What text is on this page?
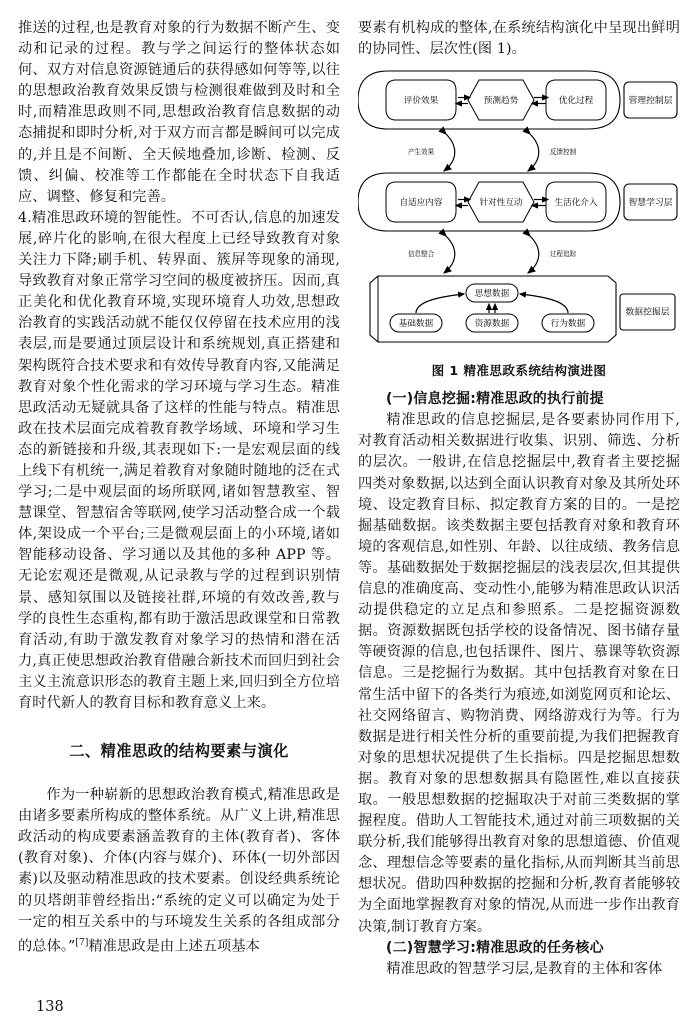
推送的过程,也是教育对象的行为数据不断产生、变动和记录的过程。教与学之间运行的整体状态如何、双方对信息资源链通后的获得感如何等等,以往的思想政治教育效果反馈与检测很难做到及时和全时,而精准思政则不同,思想政治教育信息数据的动态捕捉和即时分析,对于双方而言都是瞬间可以完成的,并且是不间断、全天候地叠加,诊断、检测、反馈、纠偏、校准等工作都能在全时状态下自我适应、调整、修复和完善。

4.精准思政环境的智能性。不可否认,信息的加速发展,碎片化的影响,在很大程度上已经导致教育对象关注力下降;刷手机、转界面、簇屏等现象的涌现,导致教育对象正常学习空间的极度被挤压。因而,真正美化和优化教育环境,实现环境育人功效,思想政治教育的实践活动就不能仅仅停留在技术应用的浅表层,而是要通过顶层设计和系统规划,真正搭建和架构既符合技术要求和有效传导教育内容,又能满足教育对象个性化需求的学习环境与学习生态。精准思政活动无疑就具备了这样的性能与特点。精准思政在技术层面完成着教育教学场域、环境和学习生态的新链接和升级,其表现如下:一是宏观层面的线上线下有机统一,满足着教育对象随时随地的泛在式学习;二是中观层面的场所联网,诸如智慧教室、智慧课堂、智慧宿舍等联网,使学习活动整合成一个载体,架设成一个平台;三是微观层面上的小环境,诸如智能移动设备、学习通以及其他的多种 APP 等。无论宏观还是微观,从记录教与学的过程到识别情景、感知氛围以及链接社群,环境的有效改善,教与学的良性生态重构,都有助于激活思政课堂和日常教育活动,有助于激发教育对象学习的热情和潜在活力,真正使思想政治教育借融合新技术而回归到社会主义主流意识形态的教育主题上来,回归到全方位培育时代新人的教育目标和教育意义上来。

二、精准思政的结构要素与演化

作为一种崭新的思想政治教育模式,精准思政是由诸多要素所构成的整体系统。从广义上讲,精准思政活动的构成要素涵盖教育的主体(教育者)、客体(教育对象)、介体(内容与媒介)、环体(一切外部因素)以及驱动精准思政的技术要素。创设经典系统论的贝塔朗菲曾经指出:“系统的定义可以确定为处于一定的相互关系中的与环境发生关系的各组成部分的总体。”[7]精准思政是由上述五项基本

138

要素有机构成的整体,在系统结构演化中呈现出鲜明的协同性、层次性(图 1)。

评价效果	预测趋势	优化过程	管理控制层
产生效果	反馈控制
自适应内容	针对性互动	生活化介入	智慧学习层
信息整合	过程追踪
思想数据
基础数据	资源数据	行为数据
数据挖掘层
图 1 精准思政系统结构演进图
(一)信息挖掘:精准思政的执行前提

精准思政的信息挖掘层,是各要素协同作用下,对教育活动相关数据进行收集、识别、筛选、分析的层次。一般讲,在信息挖掘层中,教育者主要挖掘四类对象数据,以达到全面认识教育对象及其所处环境、设定教育目标、拟定教育方案的目的。一是挖掘基础数据。该类数据主要包括教育对象和教育环境的客观信息,如性别、年龄、以往成绩、教务信息等。基础数据处于数据挖掘层的浅表层次,但其提供信息的准确度高、变动性小,能够为精准思政认识活动提供稳定的立足点和参照系。二是挖掘资源数据。资源数据既包括学校的设备情况、图书储存量等硬资源的信息,也包括课件、图片、慕课等软资源信息。三是挖掘行为数据。其中包括教育对象在日常生活中留下的各类行为痕迹,如浏览网页和论坛、社交网络留言、购物消费、网络游戏行为等。行为数据是进行相关性分析的重要前提,为我们把握教育对象的思想状况提供了生长指标。四是挖掘思想数据。教育对象的思想数据具有隐匿性,难以直接获取。一般思想数据的挖掘取决于对前三类数据的掌握程度。借助人工智能技术,通过对前三项数据的关联分析,我们能够得出教育对象的思想道德、价值观念、理想信念等要素的量化指标,从而判断其当前思想状况。借助四种数据的挖掘和分析,教育者能够较为全面地掌握教育对象的情况,从而进一步作出教育决策,制订教育方案。

(二)智慧学习:精准思政的任务核心

精准思政的智慧学习层,是教育的主体和客体
